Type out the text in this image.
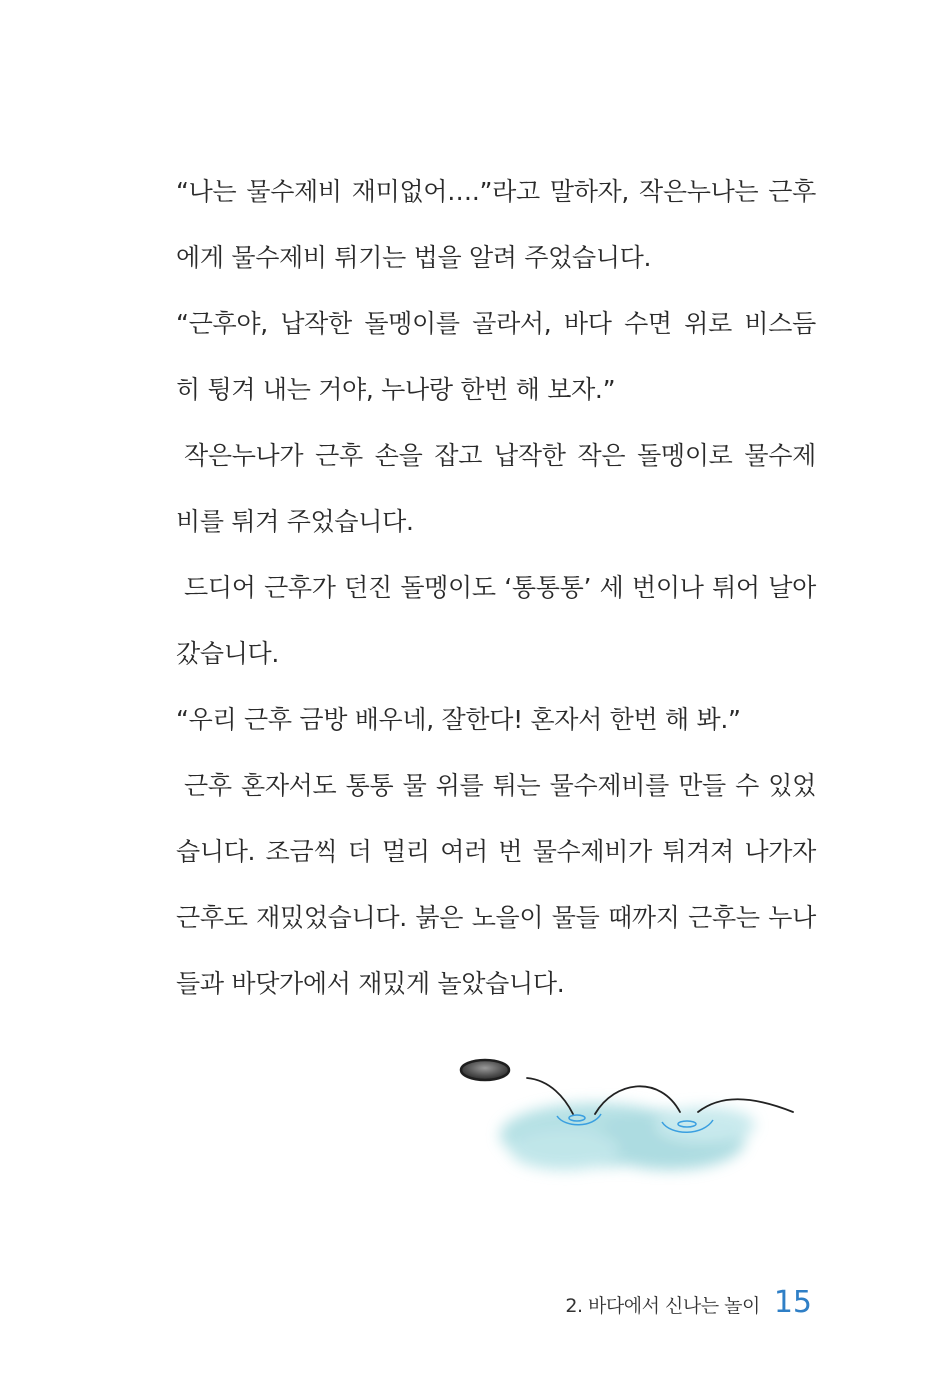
“나는 물수제비 재미없어….”라고 말하자, 작은누나는 근후
에게 물수제비 튀기는 법을 알려 주었습니다.
“근후야, 납작한 돌멩이를 골라서, 바다 수면 위로 비스듬
히 튕겨 내는 거야, 누나랑 한번 해 보자.”
작은누나가 근후 손을 잡고 납작한 작은 돌멩이로 물수제
비를 튀겨 주었습니다.
드디어 근후가 던진 돌멩이도 ‘통통통’ 세 번이나 튀어 날아
갔습니다.
“우리 근후 금방 배우네, 잘한다! 혼자서 한번 해 봐.”
근후 혼자서도 통통 물 위를 튀는 물수제비를 만들 수 있었
습니다. 조금씩 더 멀리 여러 번 물수제비가 튀겨져 나가자
근후도 재밌었습니다. 붉은 노을이 물들 때까지 근후는 누나
들과 바닷가에서 재밌게 놀았습니다.
2. 바다에서 신나는 놀이 15
